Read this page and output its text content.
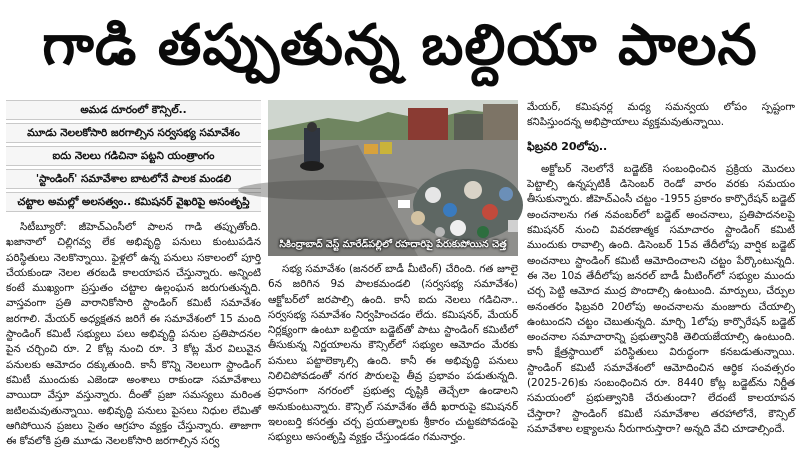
గాడి తప్పుతున్న బల్దియా పాలన
అమడ దూరంలో కౌన్సిల్‌..
మూడు నెలలకోసారి జరగాల్సిన సర్వసభ్య సమావేశం
ఐదు నెలలు గడిచినా పట్టని యంత్రాంగం
'స్టాండింగ్‌' సమావేశాల బాటలోనే పాలక మండలి
చట్టాల అమల్లో అలసత్వం.. కమిషనర్‌ వైఖరిపై అసంతృప్తి

సిటీబ్యూరో: జీహెచ్‌ఎంసీలో పాలన గాడి తప్పుతోంది. ఖజానాలో చిల్లిగవ్వ లేక అభివృద్ధి పనులు కుంటుపడిన పరిస్థితులు నెలకొన్నాయి. ఫైళ్లలో ఉన్న పనులు సకాలంలో పూర్తి చేయకుండా నెలల తరబడి కాలయాపన చేస్తున్నారు. అన్నింటి కంటే ముఖ్యంగా ప్రస్తుతం చట్టాల ఉల్లంఘన జరుగుతున్నది. వాస్తవంగా ప్రతి వారానికోసారి స్టాండింగ్‌ కమిటీ సమావేశం జరగాలి. మేయర్‌ అధ్యక్షతన జరిగే ఈ సమావేశంలో 15 మంది స్టాండింగ్‌ కమిటీ సభ్యులు పలు అభివృద్ధి పనుల ప్రతిపాదనల పైన చర్చించి రూ. 2 కోట్ల నుంచి రూ. 3 కోట్ల మేర విలువైన పనులకు ఆమోదం దక్కుతుంది. కానీ కొన్ని నెలలుగా స్టాండింగ్‌ కమిటీ ముందుకు ఎజెండా అంశాలు రాకుండా సమావేశాలు వాయిదా వేస్తూ వస్తున్నారు. దీంతో ప్రజా సమస్యలు మరింత జటిలమవుతున్నాయి. అభివృద్ధి పనులు పైసలు నిధుల లేమితో ఆగిపోయిన ప్రజలు సైతం ఆగ్రహం వ్యక్తం చేస్తున్నారు. తాజాగా ఈ కోవలోకి ప్రతి మూడు నెలలకోసారి జరగాల్సిన సర్వ

సికింద్రాబాద్‌ వెస్ట్‌ మారేడ్‌పల్లిలో రహదారిపై పేరుకుపోయిన చెత్త

సభ్య సమావేశం (జనరల్‌ బాడీ మీటింగ్‌) చేరింది. గత జూలై 6న జరిగిన 9వ పాలకమండలి (సర్వసభ్య సమావేశం) ఆక్టోబర్‌లో జరపాల్సి ఉంది. కానీ ఐదు నెలలు గడిచినా.. సర్వసభ్య సమావేశం నిర్వహించడం లేదు. కమిషనర్‌, మేయర్‌ నిర్లక్ష్యంగా ఉంటూ బల్దియా బడ్జెట్‌తో పాటు స్టాండింగ్‌ కమిటీలో తీసుకున్న నిర్ణయాలను కౌన్సిల్‌లో సభ్యుల ఆమోదం మేరకు పనులు పట్టాలెక్కాల్సి ఉంది. కానీ ఈ అభివృద్ధి పనులు నిలిచిపోవడంతో నగర పౌరులపై తీవ్ర ప్రభావం పడుతున్నది. ప్రధానంగా నగరంలో ప్రభుత్వ దృష్టికి తెచ్చేలా ఉండాలని అనుకుంటున్నారు. కౌన్సిల్‌ సమావేశం తేదీ ఖరారుపై కమిషనర్‌ ఇలంబర్తి కసరత్తు చర్చ ప్రయత్నాలకు శ్రీకారం చుట్టకపోవడంపై సభ్యులు అసంతృప్తి వ్యక్తం చేస్తుండడం గమనార్హం.

మేయర్‌, కమిషనర్ల మధ్య సమన్వయ లోపం స్పష్టంగా కనిపిస్తుందన్న అభిప్రాయాలు వ్యక్తమవుతున్నాయి.

ఫిబ్రవరి 20లోపు..

అక్టోబర్‌ నెలలోనే బడ్జెట్‌కి సంబంధించిన ప్రక్రియ మొదలు పెట్టాల్సి ఉన్నప్పటికీ డిసెంబర్‌ రెండో వారం వరకు సమయం తీసుకున్నారు. జీహెచ్‌ఎంసీ చట్టం -1955 ప్రకారం కార్పొరేషన్‌ బడ్జెట్‌ అంచనాలను గత నవంబర్‌లో బడ్జెట్‌ అంచనాలు, ప్రతిపాదనలపై కమిషనర్‌ నుంచి వివరణాత్మక సమాచారం స్టాండింగ్‌ కమిటీ ముందుకు రావాల్సి ఉంది. డిసెంబర్‌ 15వ తేదీలోపు వార్షిక బడ్జెట్‌ అంచనాలు స్టాండింగ్‌ కమిటీ ఆమోదించాలని చట్టం పేర్కొంటున్నది. ఈ నెల 10వ తేదీలోపు జనరల్‌ బాడీ మీటింగ్‌లో సభ్యుల ముందు చర్చ పెట్టి ఆమోద ముద్ర పొందాల్సి ఉంటుంది. మార్పులు, చేర్పుల అనంతరం ఫిబ్రవరి 20లోపు అంచనాలను మంజూరు చేయాల్సి ఉంటుందని చట్టం చెబుతున్నది. మార్చి 1లోపు కార్పొరేషన్‌ బడ్జెట్‌ అంచనాల సమాచారాన్ని ప్రభుత్వానికి తెలియజేయాల్సి ఉంటుంది. కానీ క్షేత్రస్థాయిలో పరిస్థితులు విరుద్ధంగా కనబడుతున్నాయి. స్టాండింగ్‌ కమిటీ సమావేశంలో ఆమోదించిన ఆర్థిక సంవత్సరం (2025-26)కు సంబంధించిన రూ. 8440 కోట్ల బడ్జెట్‌ను నిర్ణీత సమయంలో ప్రభుత్వానికి చేరుతుందా? లేదంటే కాలయాపన చేస్తారా? స్టాండింగ్‌ కమిటీ సమావేశాల తరహాలోనే, కౌన్సిల్‌ సమావేశాల లక్ష్యాలను నీరుగారుస్తారా? అన్నది వేచి చూడాల్సిందే.
